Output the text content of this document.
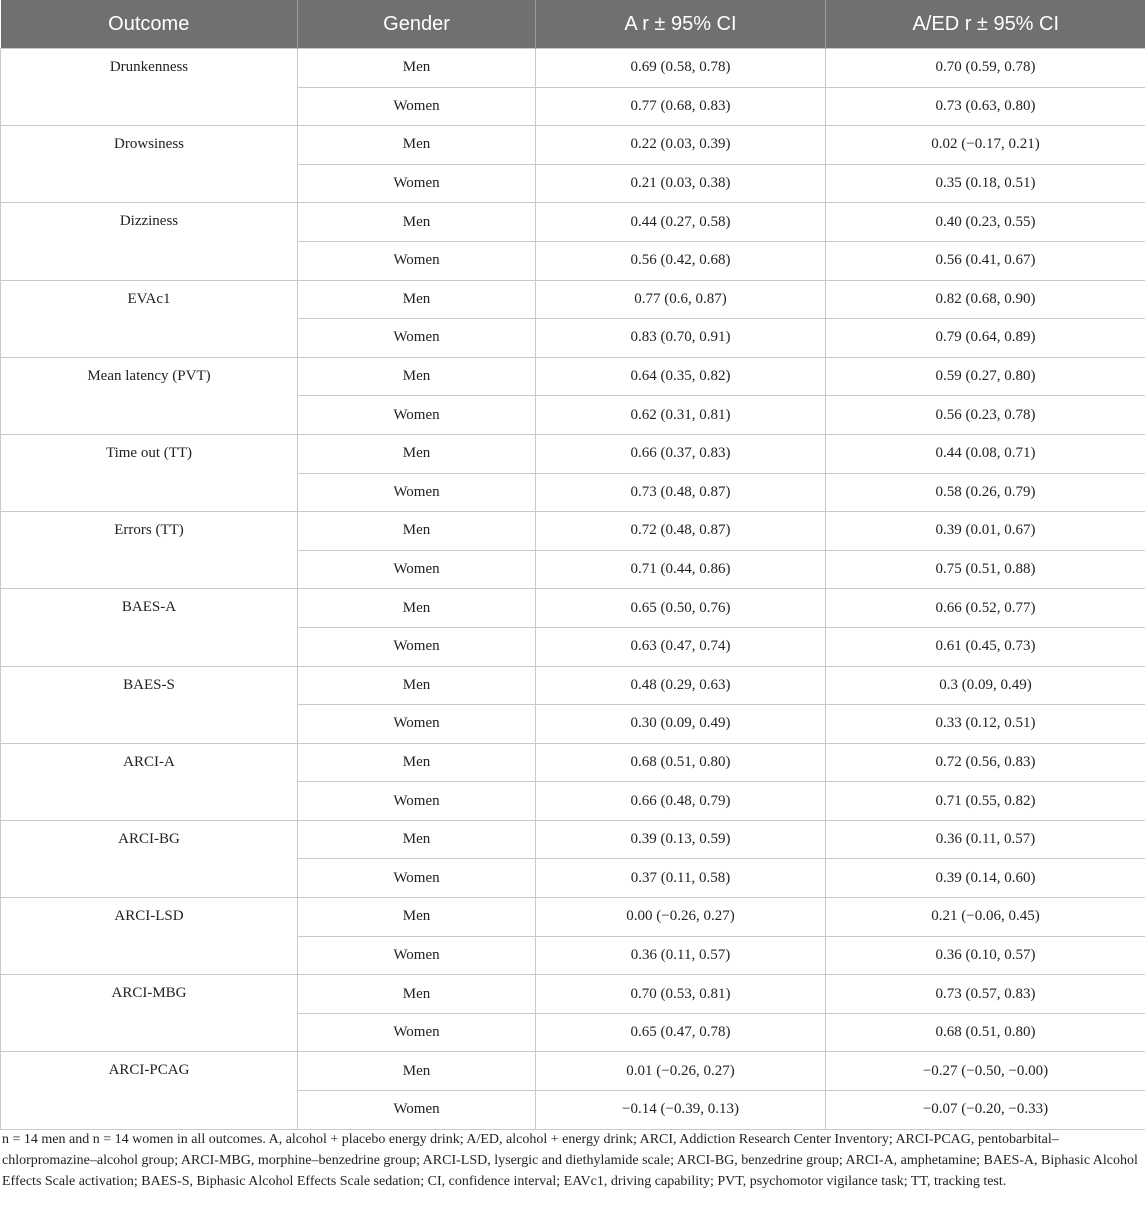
Outcome	Gender	A r ± 95% CI	A/ED r ± 95% CI
Drunkenness	Men	0.69 (0.58, 0.78)	0.70 (0.59, 0.78)
	Women	0.77 (0.68, 0.83)	0.73 (0.63, 0.80)
Drowsiness	Men	0.22 (0.03, 0.39)	0.02 (−0.17, 0.21)
	Women	0.21 (0.03, 0.38)	0.35 (0.18, 0.51)
Dizziness	Men	0.44 (0.27, 0.58)	0.40 (0.23, 0.55)
	Women	0.56 (0.42, 0.68)	0.56 (0.41, 0.67)
EVAc1	Men	0.77 (0.6, 0.87)	0.82 (0.68, 0.90)
	Women	0.83 (0.70, 0.91)	0.79 (0.64, 0.89)
Mean latency (PVT)	Men	0.64 (0.35, 0.82)	0.59 (0.27, 0.80)
	Women	0.62 (0.31, 0.81)	0.56 (0.23, 0.78)
Time out (TT)	Men	0.66 (0.37, 0.83)	0.44 (0.08, 0.71)
	Women	0.73 (0.48, 0.87)	0.58 (0.26, 0.79)
Errors (TT)	Men	0.72 (0.48, 0.87)	0.39 (0.01, 0.67)
	Women	0.71 (0.44, 0.86)	0.75 (0.51, 0.88)
BAES-A	Men	0.65 (0.50, 0.76)	0.66 (0.52, 0.77)
	Women	0.63 (0.47, 0.74)	0.61 (0.45, 0.73)
BAES-S	Men	0.48 (0.29, 0.63)	0.3 (0.09, 0.49)
	Women	0.30 (0.09, 0.49)	0.33 (0.12, 0.51)
ARCI-A	Men	0.68 (0.51, 0.80)	0.72 (0.56, 0.83)
	Women	0.66 (0.48, 0.79)	0.71 (0.55, 0.82)
ARCI-BG	Men	0.39 (0.13, 0.59)	0.36 (0.11, 0.57)
	Women	0.37 (0.11, 0.58)	0.39 (0.14, 0.60)
ARCI-LSD	Men	0.00 (−0.26, 0.27)	0.21 (−0.06, 0.45)
	Women	0.36 (0.11, 0.57)	0.36 (0.10, 0.57)
ARCI-MBG	Men	0.70 (0.53, 0.81)	0.73 (0.57, 0.83)
	Women	0.65 (0.47, 0.78)	0.68 (0.51, 0.80)
ARCI-PCAG	Men	0.01 (−0.26, 0.27)	−0.27 (−0.50, −0.00)
	Women	−0.14 (−0.39, 0.13)	−0.07 (−0.20, −0.33)
n = 14 men and n = 14 women in all outcomes. A, alcohol + placebo energy drink; A/ED, alcohol + energy drink; ARCI, Addiction Research Center Inventory; ARCI-PCAG, pentobarbital–chlorpromazine–alcohol group; ARCI-MBG, morphine–benzedrine group; ARCI-LSD, lysergic and diethylamide scale; ARCI-BG, benzedrine group; ARCI-A, amphetamine; BAES-A, Biphasic Alcohol Effects Scale activation; BAES-S, Biphasic Alcohol Effects Scale sedation; CI, confidence interval; EAVc1, driving capability; PVT, psychomotor vigilance task; TT, tracking test.
